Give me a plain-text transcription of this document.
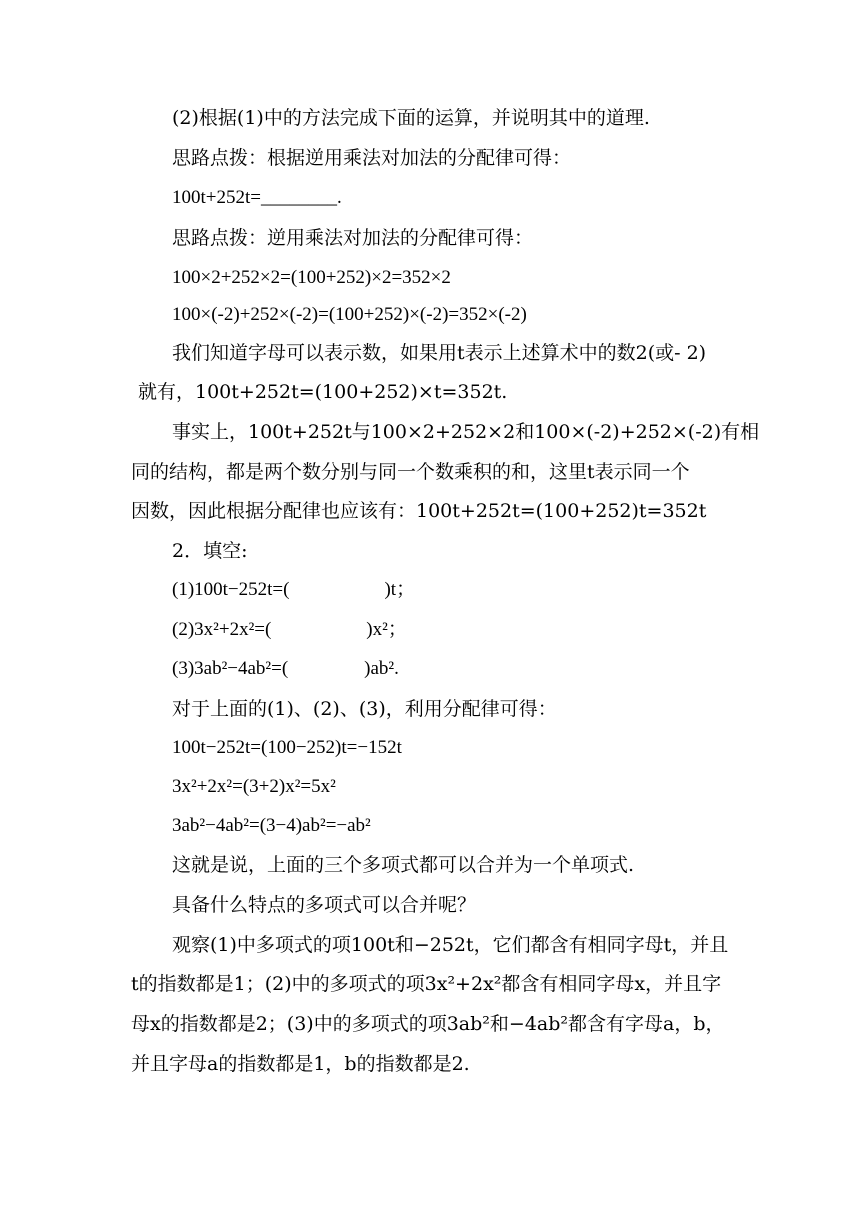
(2)根据(1)中的方法完成下面的运算，并说明其中的道理.
思路点拨：根据逆用乘法对加法的分配律可得：
100t+252t=________.
思路点拨：逆用乘法对加法的分配律可得：
100×2+252×2=(100+252)×2=352×2
100×(-2)+252×(-2)=(100+252)×(-2)=352×(-2)
我们知道字母可以表示数，如果用t表示上述算术中的数2(或- 2)
就有，100t+252t=(100+252)×t=352t.
事实上，100t+252t与100×2+252×2和100×(-2)+252×(-2)有相
同的结构，都是两个数分别与同一个数乘积的和，这里t表示同一个
因数，因此根据分配律也应该有：100t+252t=(100+252)t=352t
2．填空:
(1)100t−252t=(　　　　　)t；
(2)3x²+2x²=(　　　　　)x²；
(3)3ab²−4ab²=(　　　　)ab².
对于上面的(1)、(2)、(3)，利用分配律可得：
100t−252t=(100−252)t=−152t
3x²+2x²=(3+2)x²=5x²
3ab²−4ab²=(3−4)ab²=−ab²
这就是说，上面的三个多项式都可以合并为一个单项式.
具备什么特点的多项式可以合并呢？
观察(1)中多项式的项100t和−252t，它们都含有相同字母t，并且
t的指数都是1；(2)中的多项式的项3x²+2x²都含有相同字母x，并且字
母x的指数都是2；(3)中的多项式的项3ab²和−4ab²都含有字母a，b，
并且字母a的指数都是1，b的指数都是2.
